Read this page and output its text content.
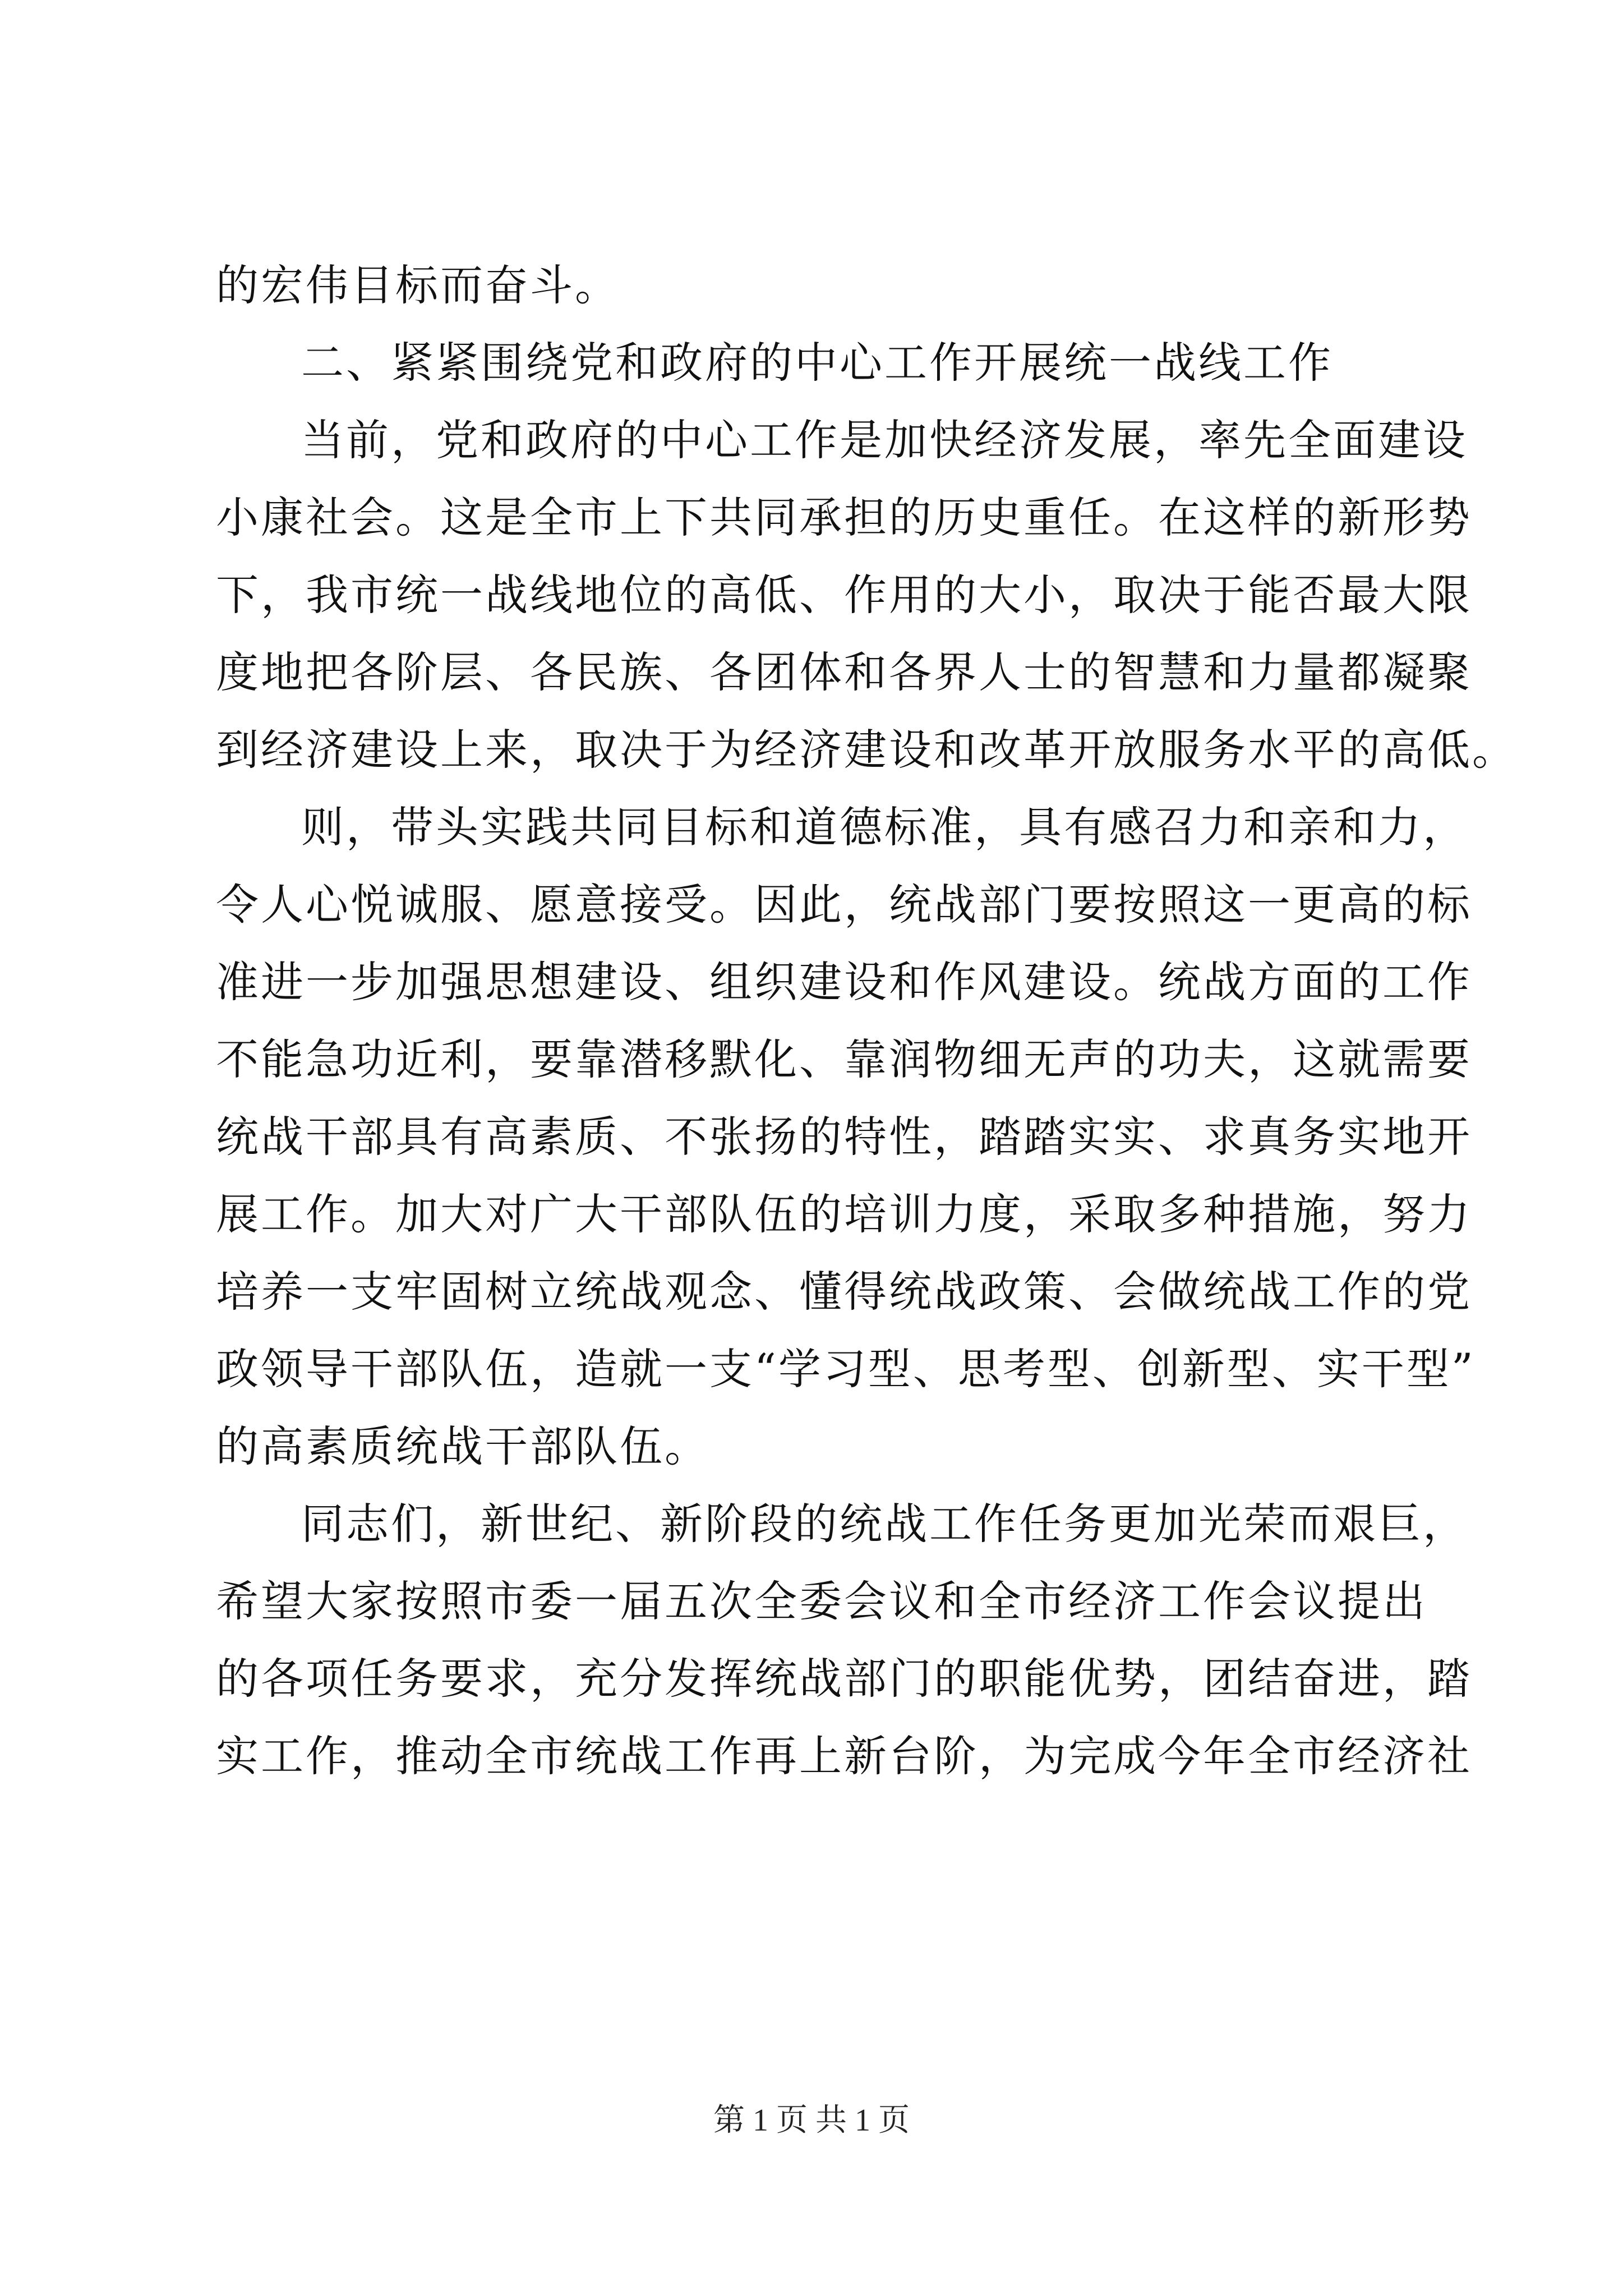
的宏伟目标而奋斗。
二、紧紧围绕党和政府的中心工作开展统一战线工作
当前，党和政府的中心工作是加快经济发展，率先全面建设
小康社会。这是全市上下共同承担的历史重任。在这样的新形势
下，我市统一战线地位的高低、作用的大小，取决于能否最大限
度地把各阶层、各民族、各团体和各界人士的智慧和力量都凝聚
到经济建设上来，取决于为经济建设和改革开放服务水平的高低。
则，带头实践共同目标和道德标准，具有感召力和亲和力，
令人心悦诚服、愿意接受。因此，统战部门要按照这一更高的标
准进一步加强思想建设、组织建设和作风建设。统战方面的工作
不能急功近利，要靠潜移默化、靠润物细无声的功夫，这就需要
统战干部具有高素质、不张扬的特性，踏踏实实、求真务实地开
展工作。加大对广大干部队伍的培训力度，采取多种措施，努力
培养一支牢固树立统战观念、懂得统战政策、会做统战工作的党
政领导干部队伍，造就一支“学习型、思考型、创新型、实干型”
的高素质统战干部队伍。
同志们，新世纪、新阶段的统战工作任务更加光荣而艰巨，
希望大家按照市委一届五次全委会议和全市经济工作会议提出
的各项任务要求，充分发挥统战部门的职能优势，团结奋进，踏
实工作，推动全市统战工作再上新台阶，为完成今年全市经济社
第 1 页 共 1 页
